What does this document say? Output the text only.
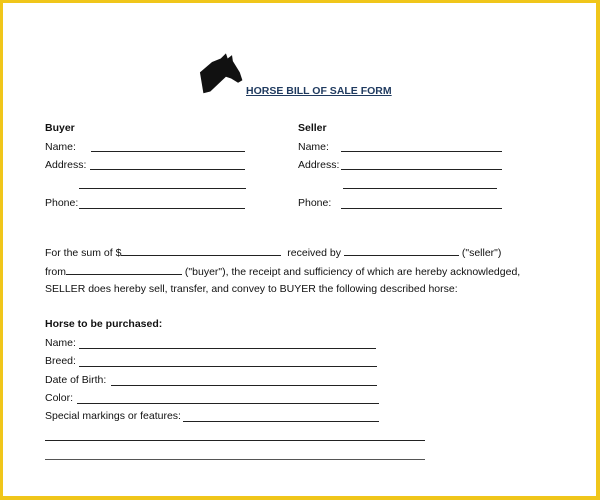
HORSE BILL OF SALE FORM
Buyer
Name:
Address:
Phone:
Seller
Name:
Address:
Phone:
For the sum of $	received by	("seller")
from	("buyer"), the receipt and sufficiency of which are hereby acknowledged,
SELLER does hereby sell, transfer, and convey to BUYER the following described horse:
Horse to be purchased:
Name:
Breed:
Date of Birth:
Color:
Special markings or features:
